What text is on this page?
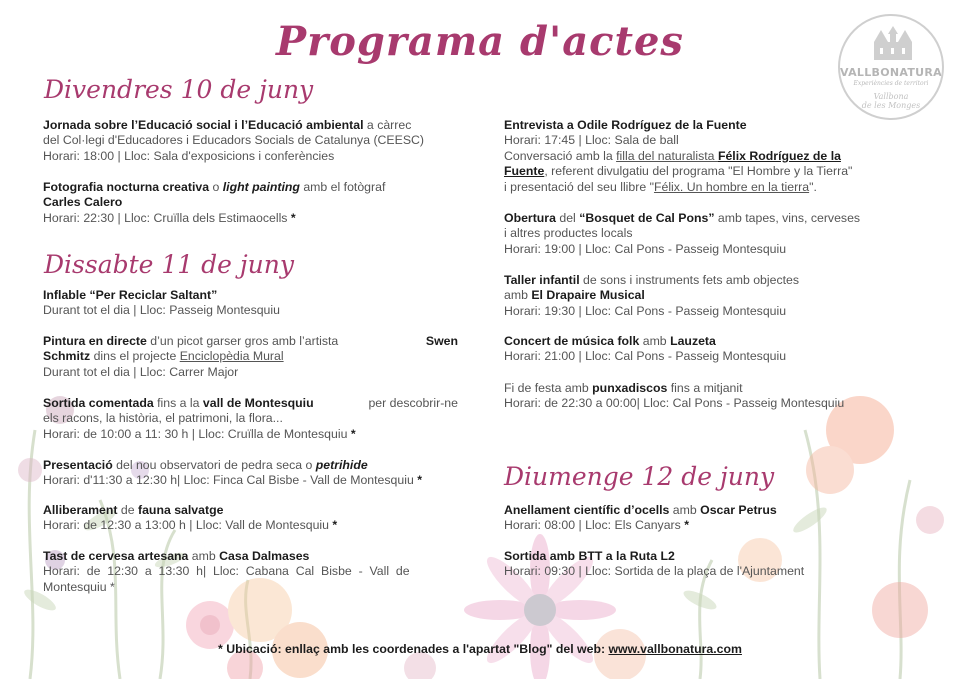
Programa d'actes
VALLBONATURA
Experiències de territori
Vallbona
de les Monges
Divendres 10 de juny
Dissabte 11 de juny
Diumenge 12 de juny
Jornada sobre l’Educació social i l’Educació ambiental a càrrec
del Col·legi d'Educadores i Educadors Socials de Catalunya (CEESC)
Horari: 18:00 | Lloc: Sala d'exposicions i conferències
Fotografia nocturna creativa o light painting amb el fotògraf
Carles Calero
Horari: 22:30 | Lloc: Cruïlla dels Estimaocells *
Inflable “Per Reciclar Saltant”
Durant tot el dia | Lloc: Passeig Montesquiu
Pintura en directe d’un picot garser gros amb l’artista	Swen
Schmitz dins el projecte Enciclopèdia Mural
Durant tot el dia | Lloc: Carrer Major
Sortida comentada fins a la vall de Montesquiu	per descobrir-ne
els racons, la història, el patrimoni, la flora...
Horari: de 10:00 a 11: 30 h | Lloc: Cruïlla de Montesquiu *
Presentació del nou observatori de pedra seca o petrihide
Horari: d'11:30 a 12:30 h| Lloc: Finca Cal Bisbe - Vall de Montesquiu *
Alliberament de fauna salvatge
Horari: de 12:30 a 13:00 h | Lloc: Vall de Montesquiu *
Tast de cervesa artesana amb Casa Dalmases
Horari:  de  12:30  a  13:30  h|  Lloc:  Cabana  Cal  Bisbe  -  Vall  de
Montesquiu *
Entrevista a Odile Rodríguez de la Fuente
Horari: 17:45 | Lloc: Sala de ball
Conversació amb la filla del naturalista Félix Rodríguez de la
Fuente, referent divulgatiu del programa "El Hombre y la Tierra"
i presentació del seu llibre "Félix. Un hombre en la tierra".
Obertura del “Bosquet de Cal Pons” amb tapes, vins, cerveses
i altres productes locals
Horari: 19:00 | Lloc: Cal Pons - Passeig Montesquiu
Taller infantil de sons i instruments fets amb objectes
amb El Drapaire Musical
Horari: 19:30 | Lloc: Cal Pons - Passeig Montesquiu
Concert de música folk amb Lauzeta
Horari: 21:00 | Lloc: Cal Pons - Passeig Montesquiu
Fi de festa amb punxadiscos fins a mitjanit
Horari: de 22:30 a 00:00| Lloc: Cal Pons - Passeig Montesquiu
Anellament científic d’ocells amb Oscar Petrus
Horari: 08:00 | Lloc: Els Canyars *
Sortida amb BTT a la Ruta L2
Horari: 09:30 | Lloc: Sortida de la plaça de l'Ajuntament
* Ubicació: enllaç amb les coordenades a l'apartat "Blog" del web: www.vallbonatura.com
